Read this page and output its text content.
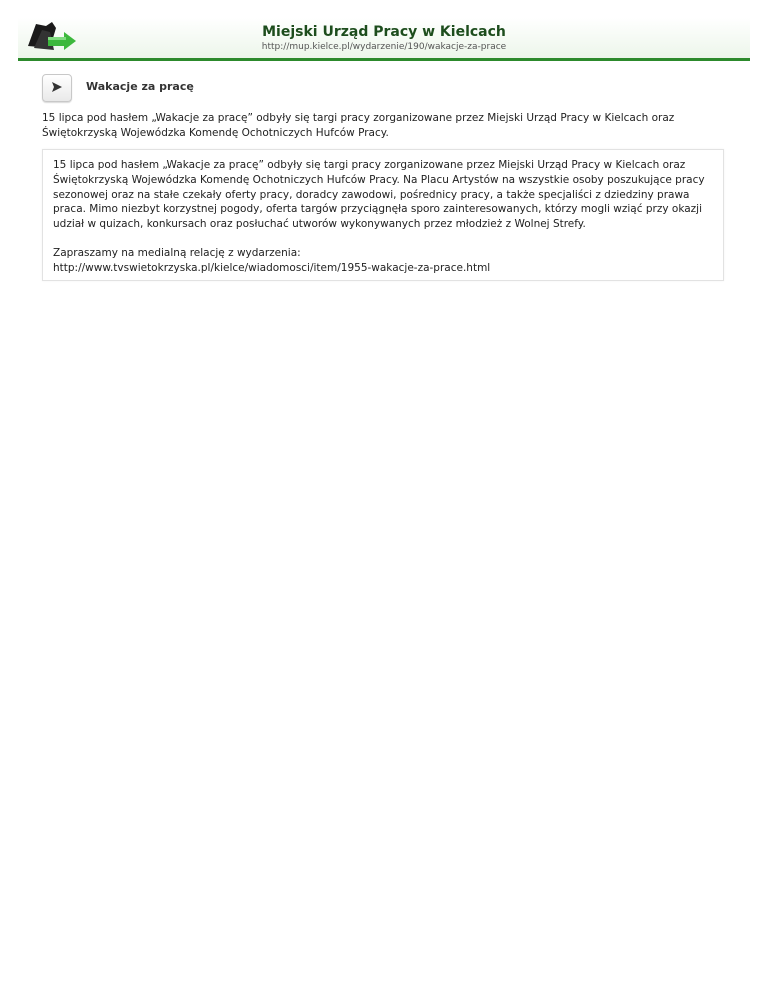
Miejski Urząd Pracy w Kielcach
http://mup.kielce.pl/wydarzenie/190/wakacje-za-prace
Wakacje za pracę
15 lipca pod hasłem „Wakacje za pracę” odbyły się targi pracy zorganizowane przez Miejski Urząd Pracy w Kielcach oraz Świętokrzyską Wojewódzka Komendę Ochotniczych Hufców Pracy.

15 lipca pod hasłem „Wakacje za pracę” odbyły się targi pracy zorganizowane przez Miejski Urząd Pracy w Kielcach oraz Świętokrzyską Wojewódzka Komendę Ochotniczych Hufców Pracy. Na Placu Artystów na wszystkie osoby poszukujące pracy sezonowej oraz na stałe czekały oferty pracy, doradcy zawodowi, pośrednicy pracy, a także specjaliści z dziedziny prawa praca. Mimo niezbyt korzystnej pogody, oferta targów przyciągnęła sporo zainteresowanych, którzy mogli wziąć przy okazji udział w quizach, konkursach oraz posłuchać utworów wykonywanych przez młodzież z Wolnej Strefy.

Zapraszamy na medialną relację z wydarzenia:
http://www.tvswietokrzyska.pl/kielce/wiadomosci/item/1955-wakacje-za-prace.html
